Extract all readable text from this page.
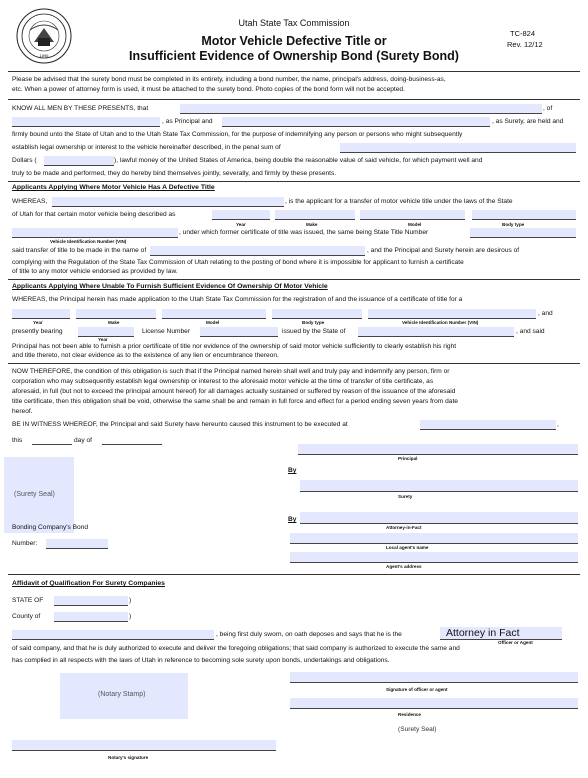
1896
Utah State Tax Commission
Motor Vehicle Defective Title or
Insufficient Evidence of Ownership Bond (Surety Bond)
TC-824
Rev. 12/12
Please be advised that the surety bond must be completed in its entirety, including a bond number, the name, principal's address, doing-business-as,
etc. When a power of attorney form is used, it must be attached to the surety bond. Photo copies of the bond form will not be accepted.
KNOW ALL MEN BY THESE PRESENTS, that	, of
, as Principal and	, as Surety, are held and
firmly bound unto the State of Utah and to the Utah State Tax Commission, for the purpose of indemnifying any person or persons who might subsequently
establish legal ownership or interest to the vehicle hereinafter described, in the penal sum of
Dollars (	), lawful money of the United States of America, being double the reasonable value of said vehicle, for which payment well and
truly to be made and performed, they do hereby bind themselves jointly, severally, and firmly by these presents.
Applicants Applying Where Motor Vehicle Has A Defective Title
WHEREAS,	, is the applicant for a transfer of motor vehicle title under the laws of the State
of Utah for that certain motor vehicle being described as
Year	Make	Model	Body type
, under which former certificate of title was issued, the same being State Title Number
Vehicle Identification Number (VIN)
said transfer of title to be made in the name of	, and the Principal and Surety herein are desirous of
complying with the Regulation of the State Tax Commission of Utah relating to the posting of bond where it is impossible for applicant to furnish a certificate
of title to any motor vehicle endorsed as provided by law.
Applicants Applying Where Unable To Furnish Sufficient Evidence Of Ownership Of Motor Vehicle
WHEREAS, the Principal herein has made application to the Utah State Tax Commission for the registration of and the issuance of a certificate of title for a
, and
Year	Make	Model	Body type	Vehicle Identification Number (VIN)
presently bearing	License Number	issued by the State of	, and said
Year
Principal has not been able to furnish a prior certificate of title nor evidence of the ownership of said motor vehicle sufficiently to clearly establish his right
and title thereto, not clear evidence as to the existence of any lien or encumbrance thereon.
NOW THEREFORE, the condition of this obligation is such that if the Principal named herein shall well and truly pay and indemnify any person, firm or
corporation who may subsequently establish legal ownership or interest to the aforesaid motor vehicle at the time of transfer of title certificate, as
aforesaid, in full (but not to exceed the principal amount hereof) for all damages actually sustained or suffered by reason of the issuance of the aforesaid
title certificate, then this obligation shall be void, otherwise the same shall be and remain in full force and effect for a period ending seven years from date
hereof.
BE IN WITNESS WHEREOF, the Principal and said Surety have hereunto caused this instrument to be executed at	,
this	day of
Principal
By
Surety
By
Attorney-in-Fact
Local agent's name
Agent's address
(Surety Seal)
Bonding Company's Bond
Number:
Affidavit of Qualification For Surety Companies
STATE OF	)
County of	)
, being first duly sworn, on oath deposes and says that he is the	Attorney in Fact
Officer or Agent
of said company, and that he is duly authorized to execute and deliver the foregoing obligations; that said company is authorized to execute the same and
has complied in all respects with the laws of Utah in reference to becoming sole surety upon bonds, undertakings and obligations.
(Notary Stamp)
Signature of officer or agent
Residence
(Surety Seal)
Notary's signature
